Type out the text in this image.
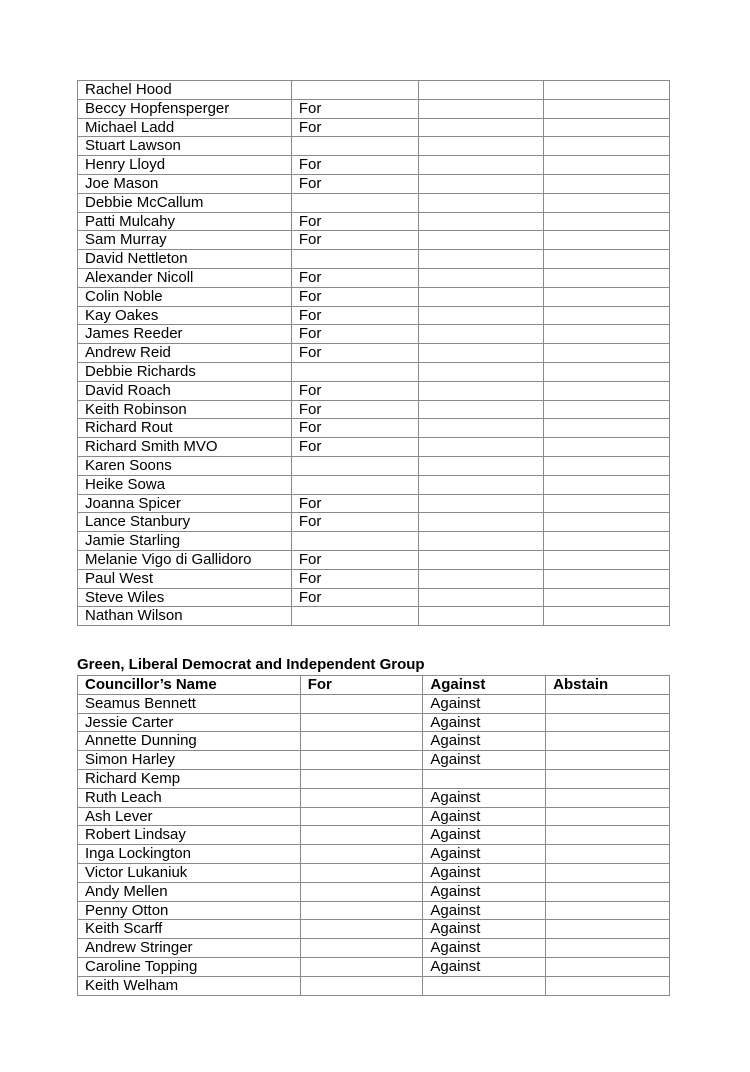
Rachel Hood			
Beccy Hopfensperger	For		
Michael Ladd	For		
Stuart Lawson			
Henry Lloyd	For		
Joe Mason	For		
Debbie McCallum			
Patti Mulcahy	For		
Sam Murray	For		
David Nettleton			
Alexander Nicoll	For		
Colin Noble	For		
Kay Oakes	For		
James Reeder	For		
Andrew Reid	For		
Debbie Richards			
David Roach	For		
Keith Robinson	For		
Richard Rout	For		
Richard Smith MVO	For		
Karen Soons			
Heike Sowa			
Joanna Spicer	For		
Lance Stanbury	For		
Jamie Starling			
Melanie Vigo di Gallidoro	For		
Paul West	For		
Steve Wiles	For		
Nathan Wilson			
Green, Liberal Democrat and Independent Group
Councillor’s Name	For	Against	Abstain
Seamus Bennett		Against	
Jessie Carter		Against	
Annette Dunning		Against	
Simon Harley		Against	
Richard Kemp			
Ruth Leach		Against	
Ash Lever		Against	
Robert Lindsay		Against	
Inga Lockington		Against	
Victor Lukaniuk		Against	
Andy Mellen		Against	
Penny Otton		Against	
Keith Scarff		Against	
Andrew Stringer		Against	
Caroline Topping		Against	
Keith Welham			
